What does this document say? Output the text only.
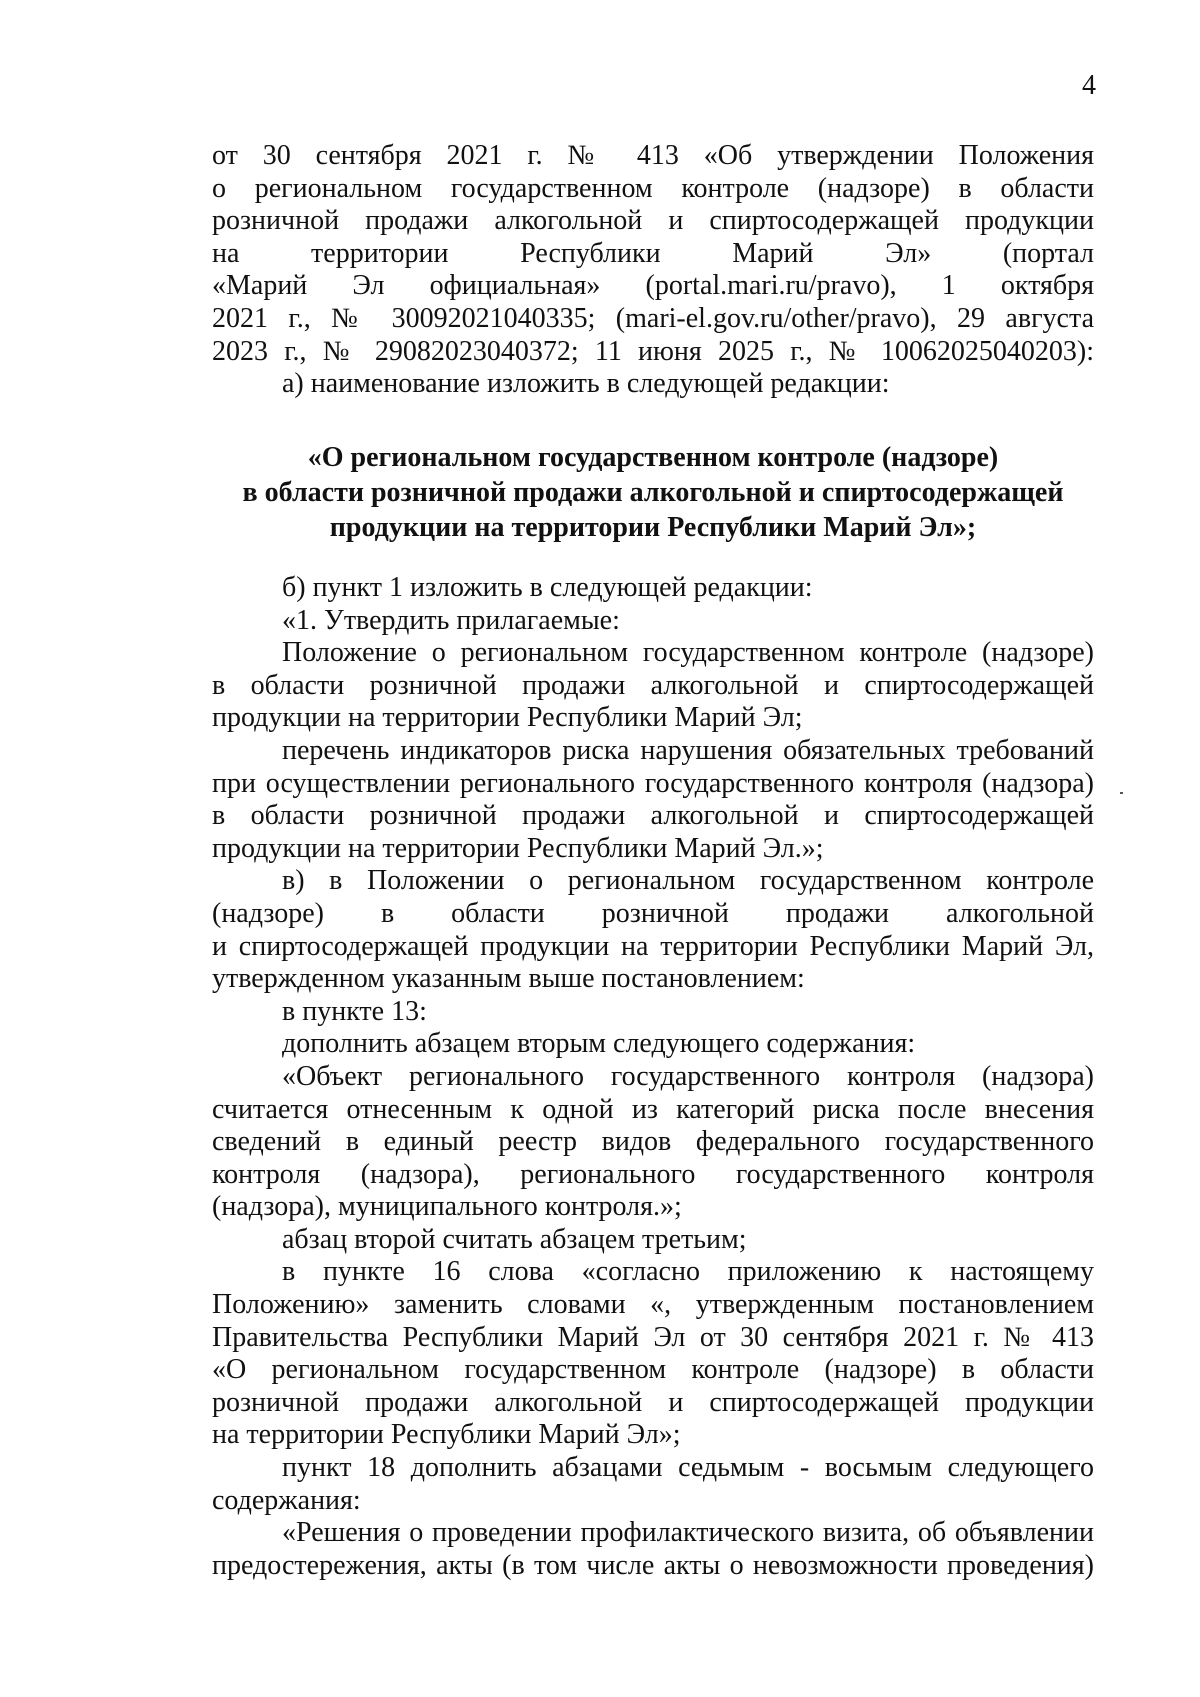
4
от 30 сентября 2021 г. № 413 «Об утверждении Положения
о региональном государственном контроле (надзоре) в области
розничной продажи алкогольной и спиртосодержащей продукции
на территории Республики Марий Эл» (портал
«Марий Эл официальная» (portal.mari.ru/pravo), 1 октября
2021 г., № 30092021040335; (mari-el.gov.ru/other/pravo), 29 августа
2023 г., № 29082023040372; 11 июня 2025 г., № 10062025040203):
а) наименование изложить в следующей редакции:
«О региональном государственном контроле (надзоре)
в области розничной продажи алкогольной и спиртосодержащей
продукции на территории Республики Марий Эл»;
б) пункт 1 изложить в следующей редакции:
«1. Утвердить прилагаемые:
Положение о региональном государственном контроле (надзоре)
в области розничной продажи алкогольной и спиртосодержащей
продукции на территории Республики Марий Эл;
перечень индикаторов риска нарушения обязательных требований
при осуществлении регионального государственного контроля (надзора)
в области розничной продажи алкогольной и спиртосодержащей
продукции на территории Республики Марий Эл.»;
в) в Положении о региональном государственном контроле
(надзоре) в области розничной продажи алкогольной
и спиртосодержащей продукции на территории Республики Марий Эл,
утвержденном указанным выше постановлением:
в пункте 13:
дополнить абзацем вторым следующего содержания:
«Объект регионального государственного контроля (надзора)
считается отнесенным к одной из категорий риска после внесения
сведений в единый реестр видов федерального государственного
контроля (надзора), регионального государственного контроля
(надзора), муниципального контроля.»;
абзац второй считать абзацем третьим;
в пункте 16 слова «согласно приложению к настоящему
Положению» заменить словами «, утвержденным постановлением
Правительства Республики Марий Эл от 30 сентября 2021 г. № 413
«О региональном государственном контроле (надзоре) в области
розничной продажи алкогольной и спиртосодержащей продукции
на территории Республики Марий Эл»;
пункт 18 дополнить абзацами седьмым - восьмым следующего
содержания:
«Решения о проведении профилактического визита, об объявлении
предостережения, акты (в том числе акты о невозможности проведения)
